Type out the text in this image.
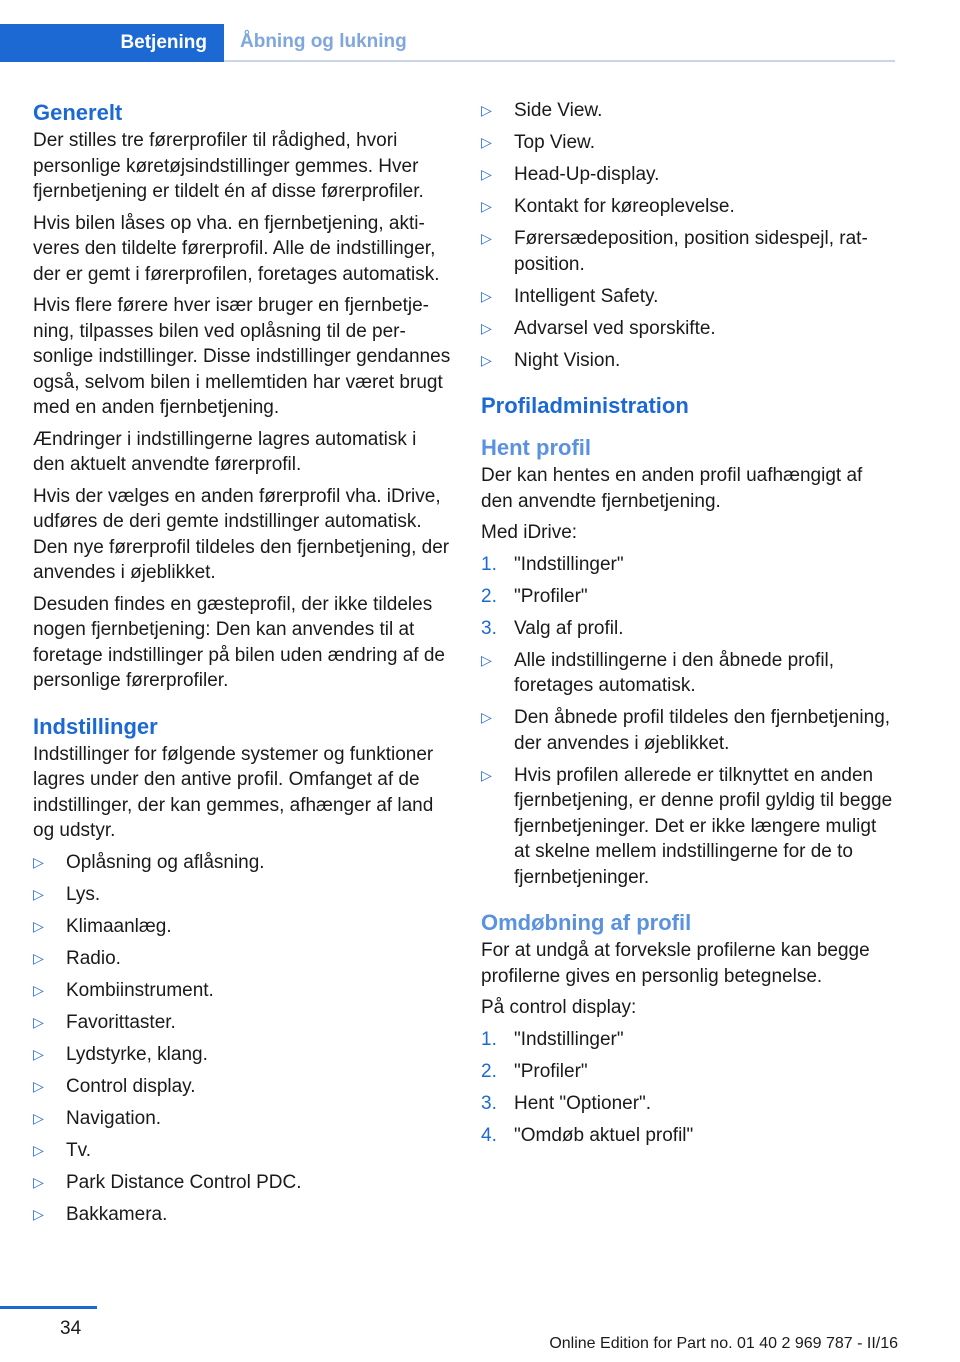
Betjening Åbning og lukning
Generelt

Der stilles tre førerprofiler til rådighed, hvori personlige køretøjsindstillinger gemmes. Hver fjernbetjening er tildelt én af disse førerprofiler.

Hvis bilen låses op vha. en fjernbetjening, aktiveres den tildelte førerprofil. Alle de indstillinger, der er gemt i førerprofilen, foretages automatisk.

Hvis flere førere hver især bruger en fjernbetjening, tilpasses bilen ved oplåsning til de personlige indstillinger. Disse indstillinger gendannes også, selvom bilen i mellemtiden har været brugt med en anden fjernbetjening.

Ændringer i indstillingerne lagres automatisk i den aktuelt anvendte førerprofil.

Hvis der vælges en anden førerprofil vha. iDrive, udføres de deri gemte indstillinger automatisk. Den nye førerprofil tildeles den fjernbetjening, der anvendes i øjeblikket.

Desuden findes en gæsteprofil, der ikke tildeles nogen fjernbetjening: Den kan anvendes til at foretage indstillinger på bilen uden ændring af de personlige førerprofiler.

Indstillinger

Indstillinger for følgende systemer og funktioner lagres under den antive profil. Omfanget af de indstillinger, der kan gemmes, afhænger af land og udstyr.

▷ Oplåsning og aflåsning.
▷ Lys.
▷ Klimaanlæg.
▷ Radio.
▷ Kombiinstrument.
▷ Favorittaster.
▷ Lydstyrke, klang.
▷ Control display.
▷ Navigation.
▷ Tv.
▷ Park Distance Control PDC.
▷ Bakkamera.
▷ Side View.
▷ Top View.
▷ Head-Up-display.
▷ Kontakt for køreoplevelse.
▷ Førersædeposition, position sidespejl, ratposition.
▷ Intelligent Safety.
▷ Advarsel ved sporskifte.
▷ Night Vision.
Profiladministration
Hent profil

Der kan hentes en anden profil uafhængigt af den anvendte fjernbetjening.

Med iDrive:

1. "Indstillinger"
2. "Profiler"
3. Valg af profil.
▷ Alle indstillingerne i den åbnede profil, foretages automatisk.
▷ Den åbnede profil tildeles den fjernbetjening, der anvendes i øjeblikket.
▷ Hvis profilen allerede er tilknyttet en anden fjernbetjening, er denne profil gyldig til begge fjernbetjeninger. Det er ikke længere muligt at skelne mellem indstillingerne for de to fjernbetjeninger.
Omdøbning af profil

For at undgå at forveksle profilerne kan begge profilerne gives en personlig betegnelse.

På control display:

1. "Indstillinger"
2. "Profiler"
3. Hent "Optioner".
4. "Omdøb aktuel profil"
34
Online Edition for Part no. 01 40 2 969 787 - II/16
